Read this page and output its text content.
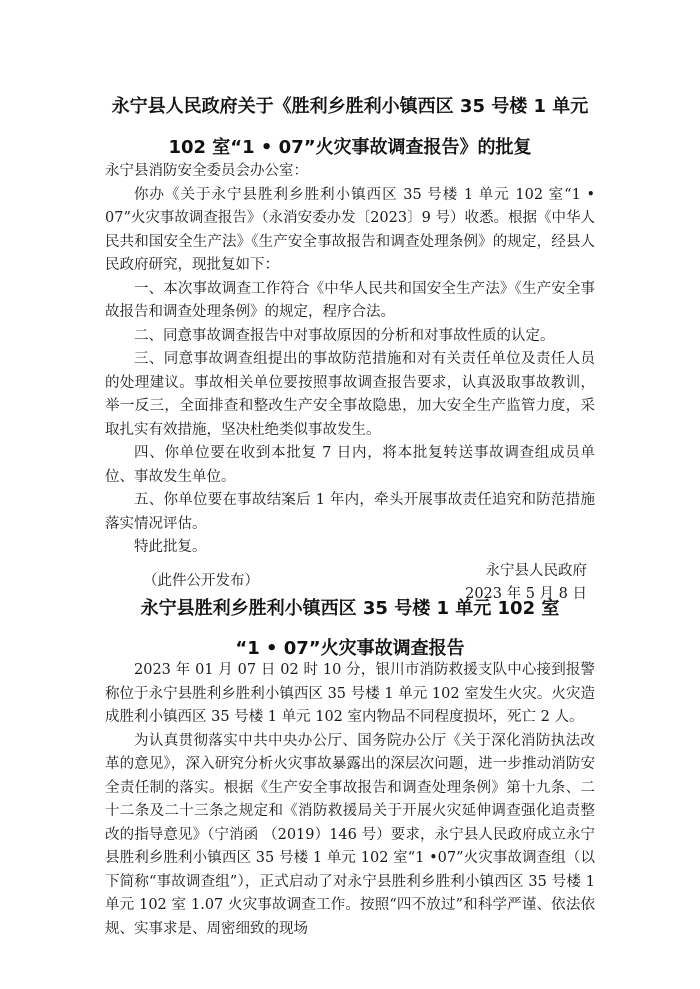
永宁县人民政府关于《胜利乡胜利小镇西区 35 号楼 1 单元
102 室“1 • 07”火灾事故调查报告》的批复

永宁县消防安全委员会办公室：

你办《关于永宁县胜利乡胜利小镇西区 35 号楼 1 单元 102 室“1 • 07”火灾事故调查报告》（永消安委办发〔2023〕9 号）收悉。根据《中华人民共和国安全生产法》《生产安全事故报告和调查处理条例》的规定，经县人民政府研究，现批复如下：

一、本次事故调查工作符合《中华人民共和国安全生产法》《生产安全事故报告和调查处理条例》的规定，程序合法。

二、同意事故调查报告中对事故原因的分析和对事故性质的认定。

三、同意事故调查组提出的事故防范措施和对有关责任单位及责任人员的处理建议。事故相关单位要按照事故调查报告要求，认真汲取事故教训，举一反三，全面排查和整改生产安全事故隐患，加大安全生产监管力度，采取扎实有效措施，坚决杜绝类似事故发生。

四、你单位要在收到本批复 7 日内，将本批复转送事故调查组成员单位、事故发生单位。

五、你单位要在事故结案后 1 年内，牵头开展事故责任追究和防范措施落实情况评估。

特此批复。

永宁县人民政府

2023 年 5 月 8 日

（此件公开发布）
永宁县胜利乡胜利小镇西区 35 号楼 1 单元 102 室
“1 • 07”火灾事故调查报告

2023 年 01 月 07 日 02 时 10 分，银川市消防救援支队中心接到报警称位于永宁县胜利乡胜利小镇西区 35 号楼 1 单元 102 室发生火灾。火灾造成胜利小镇西区 35 号楼 1 单元 102 室内物品不同程度损坏，死亡 2 人。

为认真贯彻落实中共中央办公厅、国务院办公厅《关于深化消防执法改革的意见》，深入研究分析火灾事故暴露出的深层次问题，进一步推动消防安全责任制的落实。根据《生产安全事故报告和调查处理条例》第十九条、二十二条及二十三条之规定和《消防救援局关于开展火灾延伸调查强化追责整改的指导意见》（宁消函 （2019）146 号）要求，永宁县人民政府成立永宁县胜利乡胜利小镇西区 35 号楼 1 单元 102 室“1 •07”火灾事故调查组（以下简称“事故调查组”），正式启动了对永宁县胜利乡胜利小镇西区 35 号楼 1 单元 102 室 1.07 火灾事故调查工作。按照“四不放过”和科学严谨、依法依规、实事求是、周密细致的现场
